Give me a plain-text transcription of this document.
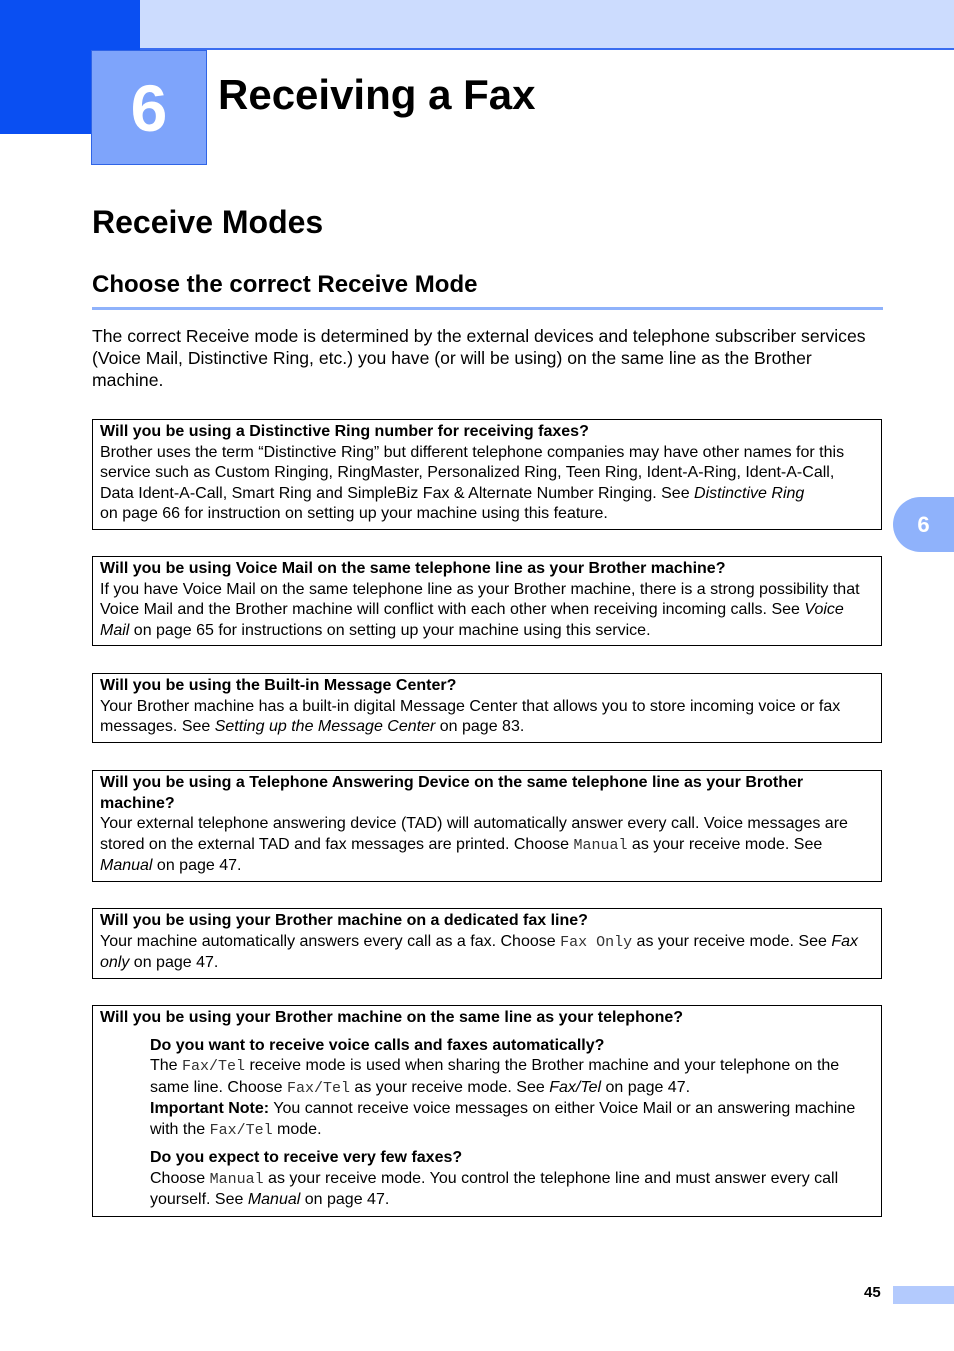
6 Receiving a Fax
Receive Modes
Choose the correct Receive Mode

The correct Receive mode is determined by the external devices and telephone subscriber services (Voice Mail, Distinctive Ring, etc.) you have (or will be using) on the same line as the Brother machine.

Will you be using a Distinctive Ring number for receiving faxes?
Brother uses the term “Distinctive Ring” but different telephone companies may have other names for this service such as Custom Ringing, RingMaster, Personalized Ring, Teen Ring, Ident-A-Ring, Ident-A-Call, Data Ident-A-Call, Smart Ring and SimpleBiz Fax & Alternate Number Ringing. See Distinctive Ring
on page 66 for instruction on setting up your machine using this feature.
Will you be using Voice Mail on the same telephone line as your Brother machine?
If you have Voice Mail on the same telephone line as your Brother machine, there is a strong possibility that Voice Mail and the Brother machine will conflict with each other when receiving incoming calls. See Voice Mail on page 65 for instructions on setting up your machine using this service.
Will you be using the Built-in Message Center?
Your Brother machine has a built-in digital Message Center that allows you to store incoming voice or fax messages. See Setting up the Message Center on page 83.
Will you be using a Telephone Answering Device on the same telephone line as your Brother machine?
Your external telephone answering device (TAD) will automatically answer every call. Voice messages are stored on the external TAD and fax messages are printed. Choose Manual as your receive mode. See Manual on page 47.
Will you be using your Brother machine on a dedicated fax line?
Your machine automatically answers every call as a fax. Choose Fax Only as your receive mode. See Fax only on page 47.
Will you be using your Brother machine on the same line as your telephone?
Do you want to receive voice calls and faxes automatically?
The Fax/Tel receive mode is used when sharing the Brother machine and your telephone on the same line. Choose Fax/Tel as your receive mode. See Fax/Tel on page 47.
Important Note: You cannot receive voice messages on either Voice Mail or an answering machine with the Fax/Tel mode.
Do you expect to receive very few faxes?
Choose Manual as your receive mode. You control the telephone line and must answer every call yourself. See Manual on page 47.
6
45
